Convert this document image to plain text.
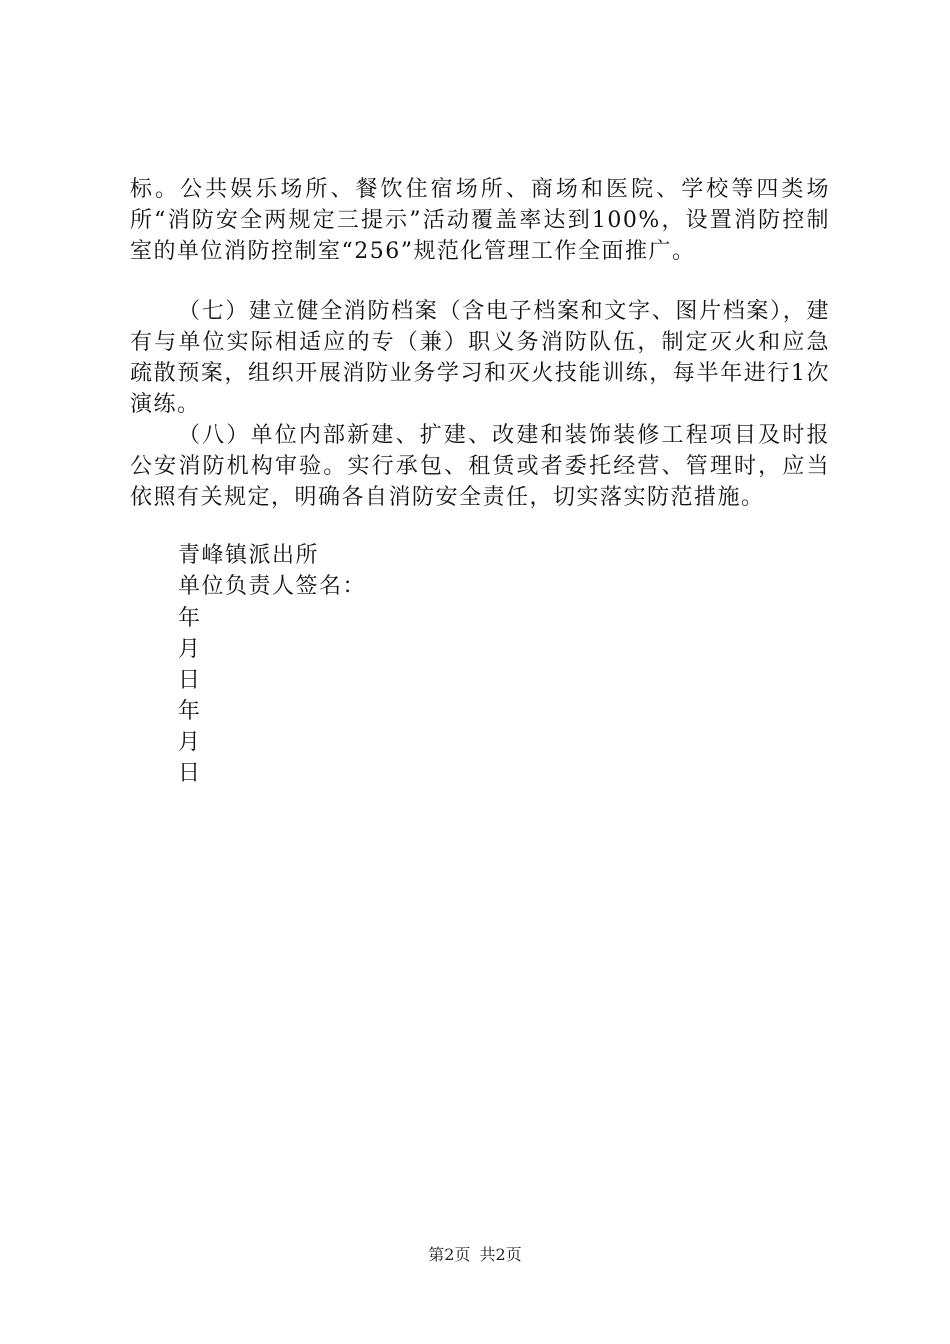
标。公共娱乐场所、餐饮住宿场所、商场和医院、学校等四类场所“消防安全两规定三提示”活动覆盖率达到100%，设置消防控制室的单位消防控制室“256”规范化管理工作全面推广。

（七）建立健全消防档案（含电子档案和文字、图片档案），建有与单位实际相适应的专（兼）职义务消防队伍，制定灭火和应急疏散预案，组织开展消防业务学习和灭火技能训练，每半年进行1次演练。

（八）单位内部新建、扩建、改建和装饰装修工程项目及时报公安消防机构审验。实行承包、租赁或者委托经营、管理时，应当依照有关规定，明确各自消防安全责任，切实落实防范措施。

青峰镇派出所

单位负责人签名：

年

月

日

年

月

日

第2页 共2页
